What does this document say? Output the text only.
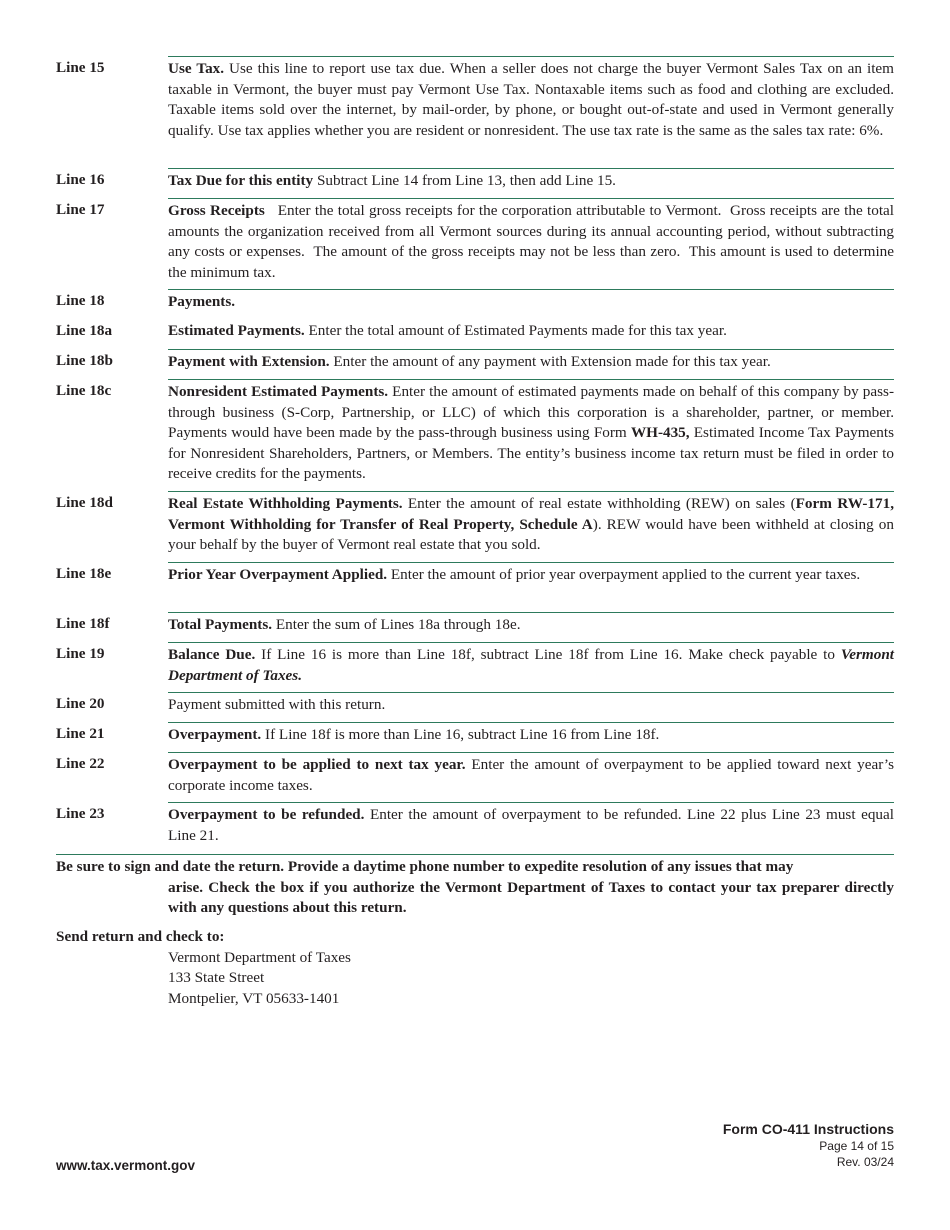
Line 15	Use Tax. Use this line to report use tax due. When a seller does not charge the buyer Vermont Sales Tax on an item taxable in Vermont, the buyer must pay Vermont Use Tax. Nontaxable items such as food and clothing are excluded. Taxable items sold over the internet, by mail-order, by phone, or bought out-of-state and used in Vermont generally qualify. Use tax applies whether you are resident or nonresident. The use tax rate is the same as the sales tax rate: 6%.
Line 16	Tax Due for this entity Subtract Line 14 from Line 13, then add Line 15.
Line 17	Gross Receipts   Enter the total gross receipts for the corporation attributable to Vermont.  Gross receipts are the total amounts the organization received from all Vermont sources during its annual accounting period, without subtracting any costs or expenses.  The amount of the gross receipts may not be less than zero.  This amount is used to determine the minimum tax.
Line 18	Payments.
Line 18a	Estimated Payments. Enter the total amount of Estimated Payments made for this tax year.
Line 18b	Payment with Extension. Enter the amount of any payment with Extension made for this tax year.
Line 18c	Nonresident Estimated Payments. Enter the amount of estimated payments made on behalf of this company by pass-through business (S-Corp, Partnership, or LLC) of which this corporation is a shareholder, partner, or member. Payments would have been made by the pass-through business using Form WH-435, Estimated Income Tax Payments for Nonresident Shareholders, Partners, or Members. The entity’s business income tax return must be filed in order to receive credits for the payments.
Line 18d	Real Estate Withholding Payments. Enter the amount of real estate withholding (REW) on sales (Form RW-171, Vermont Withholding for Transfer of Real Property, Schedule A). REW would have been withheld at closing on your behalf by the buyer of Vermont real estate that you sold.
Line 18e	Prior Year Overpayment Applied. Enter the amount of prior year overpayment applied to the current year taxes.
Line 18f	Total Payments. Enter the sum of Lines 18a through 18e.
Line 19	Balance Due. If Line 16 is more than Line 18f, subtract Line 18f from Line 16. Make check payable to Vermont Department of Taxes.
Line 20	Payment submitted with this return.
Line 21	Overpayment. If Line 18f is more than Line 16, subtract Line 16 from Line 18f.
Line 22	Overpayment to be applied to next tax year. Enter the amount of overpayment to be applied toward next year’s corporate income taxes.
Line 23	Overpayment to be refunded. Enter the amount of overpayment to be refunded. Line 22 plus Line 23 must equal Line 21.
Be sure to sign and date the return. Provide a daytime phone number to expedite resolution of any issues that may
arise. Check the box if you authorize the Vermont Department of Taxes to contact your tax preparer directly with any questions about this return.
Send return and check to:
Vermont Department of Taxes
133 State Street
Montpelier, VT 05633-1401
Form CO-411 Instructions
Page 14 of 15
Rev. 03/24
www.tax.vermont.gov
